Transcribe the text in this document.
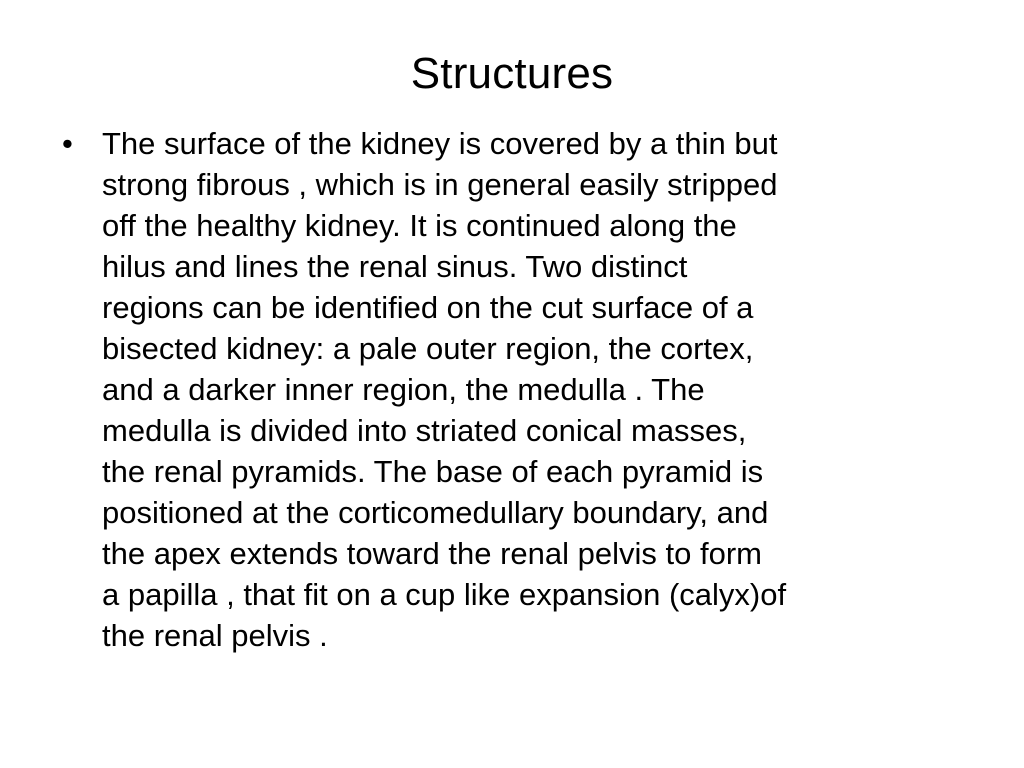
Structures
• The surface of the kidney is covered by a thin but
strong fibrous , which is in general easily stripped
off the healthy kidney. It is continued along the
hilus and lines the renal sinus. Two distinct
regions can be identified on the cut surface of a
bisected kidney: a pale outer region, the cortex,
and a darker inner region, the medulla . The
medulla is divided into striated conical masses,
the renal pyramids. The base of each pyramid is
positioned at the corticomedullary boundary, and
the apex extends toward the renal pelvis to form
a papilla , that fit on a cup like expansion (calyx)of
the renal pelvis .
